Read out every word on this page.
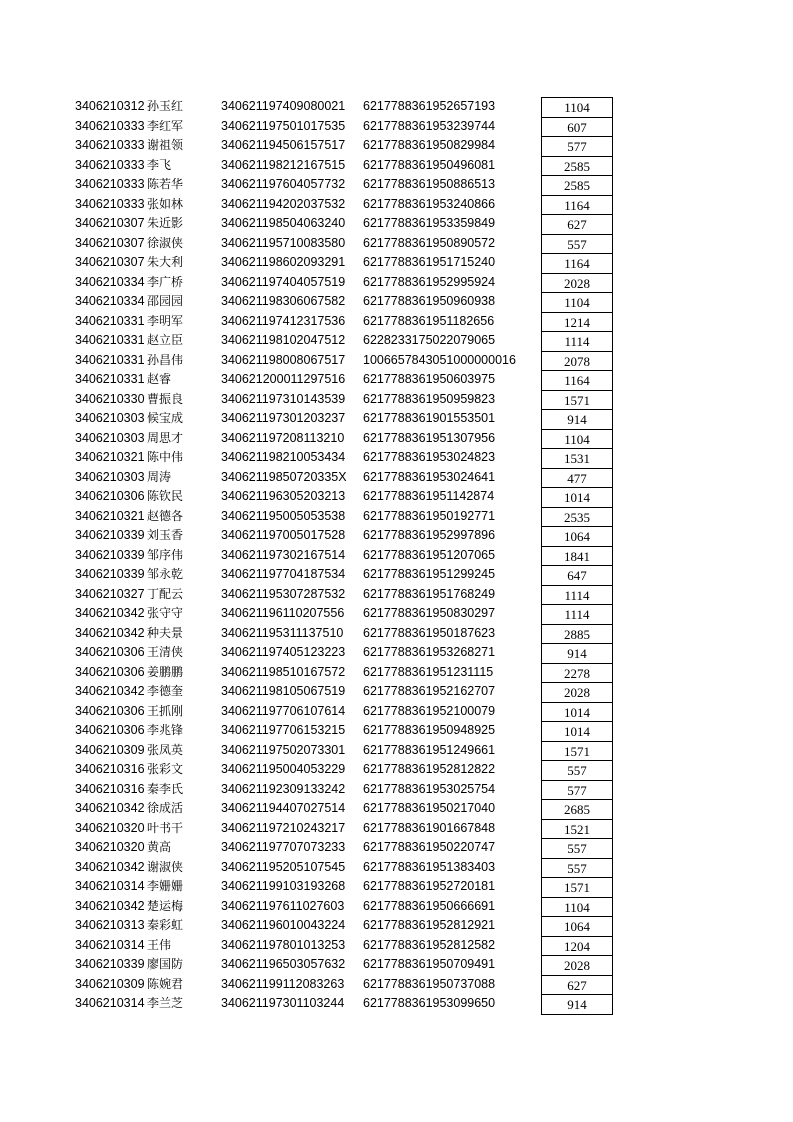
3406210312 孙玉红	340621197409080021	6217788361952657193	1104
3406210333 李红军	340621197501017535	6217788361953239744	607
3406210333 谢祖领	340621194506157517	6217788361950829984	577
3406210333 李飞	340621198212167515	6217788361950496081	2585
3406210333 陈若华	340621197604057732	6217788361950886513	2585
3406210333 张如林	340621194202037532	6217788361953240866	1164
3406210307 朱近影	340621198504063240	6217788361953359849	627
3406210307 徐淑侠	340621195710083580	6217788361950890572	557
3406210307 朱大利	340621198602093291	6217788361951715240	1164
3406210334 李广桥	340621197404057519	6217788361952995924	2028
3406210334 邵园园	340621198306067582	6217788361950960938	1104
3406210331 李明军	340621197412317536	6217788361951182656	1214
3406210331 赵立臣	340621198102047512	6228233175022079065	1114
3406210331 孙昌伟	340621198008067517	1006657843051000000016	2078
3406210331 赵睿	340621200011297516	6217788361950603975	1164
3406210330 曹振良	340621197310143539	6217788361950959823	1571
3406210303 候宝成	340621197301203237	6217788361901553501	914
3406210303 周思才	340621197208113210	6217788361951307956	1104
3406210321 陈中伟	340621198210053434	6217788361953024823	1531
3406210303 周涛	34062119850720335X	6217788361953024641	477
3406210306 陈钦民	340621196305203213	6217788361951142874	1014
3406210321 赵德各	340621195005053538	6217788361950192771	2535
3406210339 刘玉香	340621197005017528	6217788361952997896	1064
3406210339 邹序伟	340621197302167514	6217788361951207065	1841
3406210339 邹永乾	340621197704187534	6217788361951299245	647
3406210327 丁配云	340621195307287532	6217788361951768249	1114
3406210342 张守守	340621196110207556	6217788361950830297	1114
3406210342 种夫景	340621195311137510	6217788361950187623	2885
3406210306 王清侠	340621197405123223	6217788361953268271	914
3406210306 姜鹏鹏	340621198510167572	6217788361951231115	2278
3406210342 李德奎	340621198105067519	6217788361952162707	2028
3406210306 王抓刚	340621197706107614	6217788361952100079	1014
3406210306 李兆锋	340621197706153215	6217788361950948925	1014
3406210309 张凤英	340621197502073301	6217788361951249661	1571
3406210316 张彩文	340621195004053229	6217788361952812822	557
3406210316 秦李氏	340621192309133242	6217788361953025754	577
3406210342 徐成活	340621194407027514	6217788361950217040	2685
3406210320 叶书干	340621197210243217	6217788361901667848	1521
3406210320 黄高	340621197707073233	6217788361950220747	557
3406210342 谢淑侠	340621195205107545	6217788361951383403	557
3406210314 李姗姗	340621199103193268	6217788361952720181	1571
3406210342 楚运梅	340621197611027603	6217788361950666691	1104
3406210313 秦彩虹	340621196010043224	6217788361952812921	1064
3406210314 王伟	340621197801013253	6217788361952812582	1204
3406210339 廖国防	340621196503057632	6217788361950709491	2028
3406210309 陈婉君	340621199112083263	6217788361950737088	627
3406210314 李兰芝	340621197301103244	6217788361953099650	914
